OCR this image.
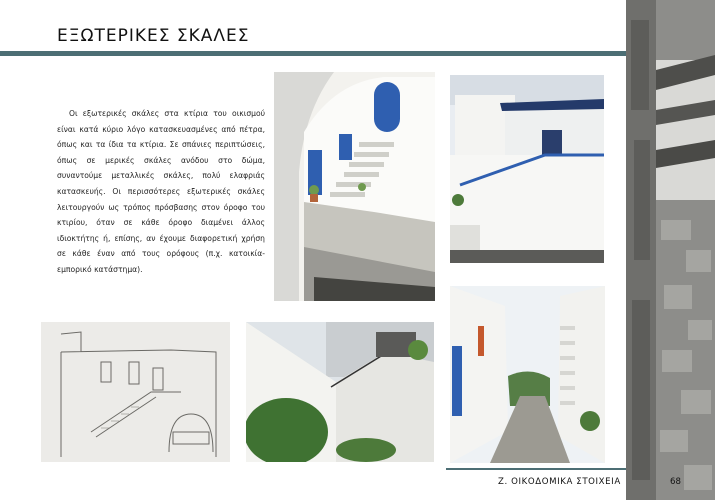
ΕΞΩΤΕΡΙΚΕΣ ΣΚΑΛΕΣ
Οι εξωτερικές σκάλες στα κτίρια του οικισμού είναι κατά κύριο λόγο κατασκευασμένες από πέτρα, όπως και τα ίδια τα κτίρια. Σε σπάνιες περιπτώσεις, όπως σε μερικές σκάλες ανόδου στο δώμα, συναντούμε μεταλλικές σκάλες, πολύ ελαφριάς κατασκευής. Οι περισσότερες εξωτερικές σκάλες λειτουργούν ως τρόπος πρόσβασης στον όροφο του κτιρίου, όταν σε κάθε όροφο διαμένει άλλος ιδιοκτήτης ή, επίσης, αν έχουμε διαφορετική χρήση σε κάθε έναν από τους ορόφους (π.χ. κατοικία-εμπορικό κατάστημα).
Ζ. ΟΙΚΟΔΟΜΙΚΑ ΣΤΟΙΧΕΙΑ	68
